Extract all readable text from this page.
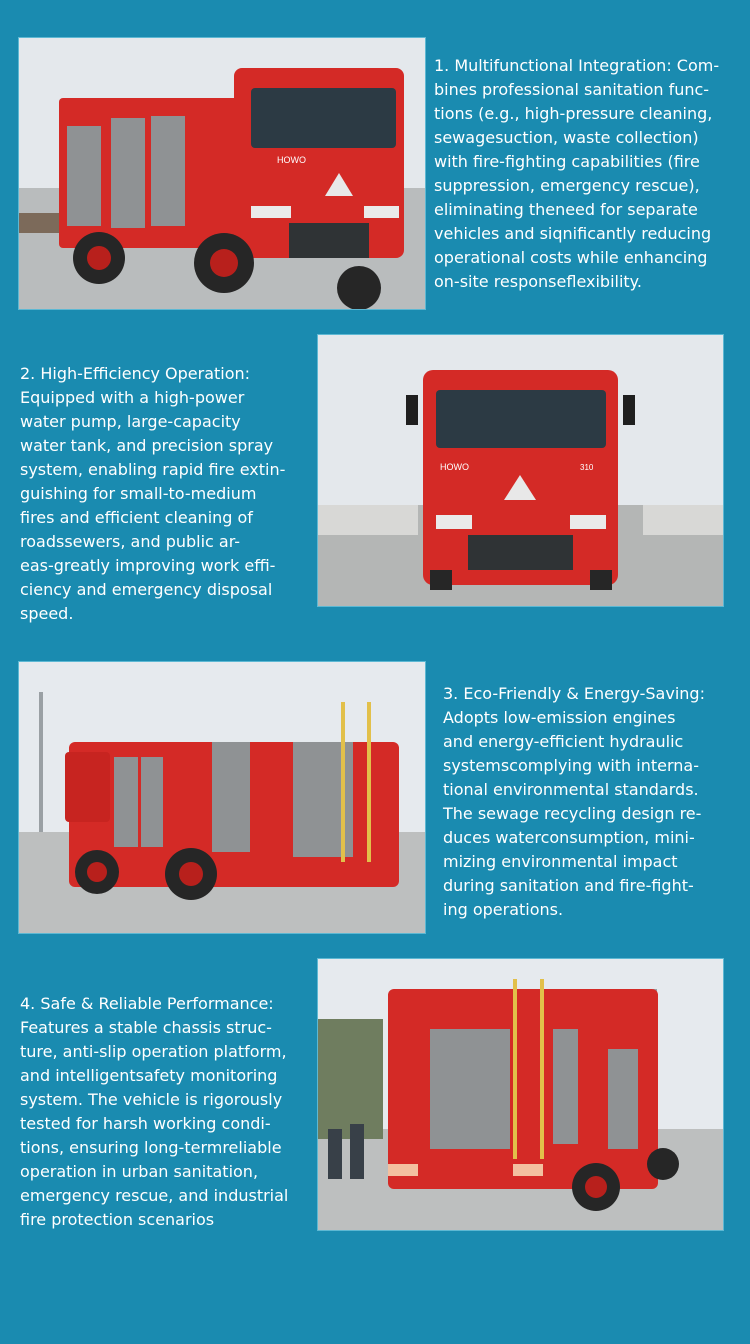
HOWO
1. Multifunctional Integration: Com-
bines professional sanitation func-
tions (e.g., high-pressure cleaning,
sewagesuction, waste collection)
with fire-fighting capabilities (fire
suppression, emergency rescue),
eliminating theneed for separate
vehicles and siqnificantly reducing
operational costs while enhancing
on-site responseflexibility.
2. High-Efficiency Operation:
Equipped with a high-power
water pump, large-capacity
water tank, and precision spray
system, enabling rapid fire extin-
guishing for small-to-medium
fires and efficient cleaning of
roadssewers, and public ar-
eas-greatly improving work effi-
ciency and emergency disposal
speed.
HOWO	310
3. Eco-Friendly & Energy-Saving:
Adopts low-emission engines
and energy-efficient hydraulic
systemscomplying with interna-
tional environmental standards.
The sewage recycling design re-
duces waterconsumption, mini-
mizing environmental impact
during sanitation and fire-fight-
ing operations.
4. Safe & Reliable Performance:
Features a stable chassis struc-
ture, anti-slip operation platform,
and intelligentsafety monitoring
system. The vehicle is rigorously
tested for harsh working condi-
tions, ensuring long-termreliable
operation in urban sanitation,
emergency rescue, and industrial
fire protection scenarios
